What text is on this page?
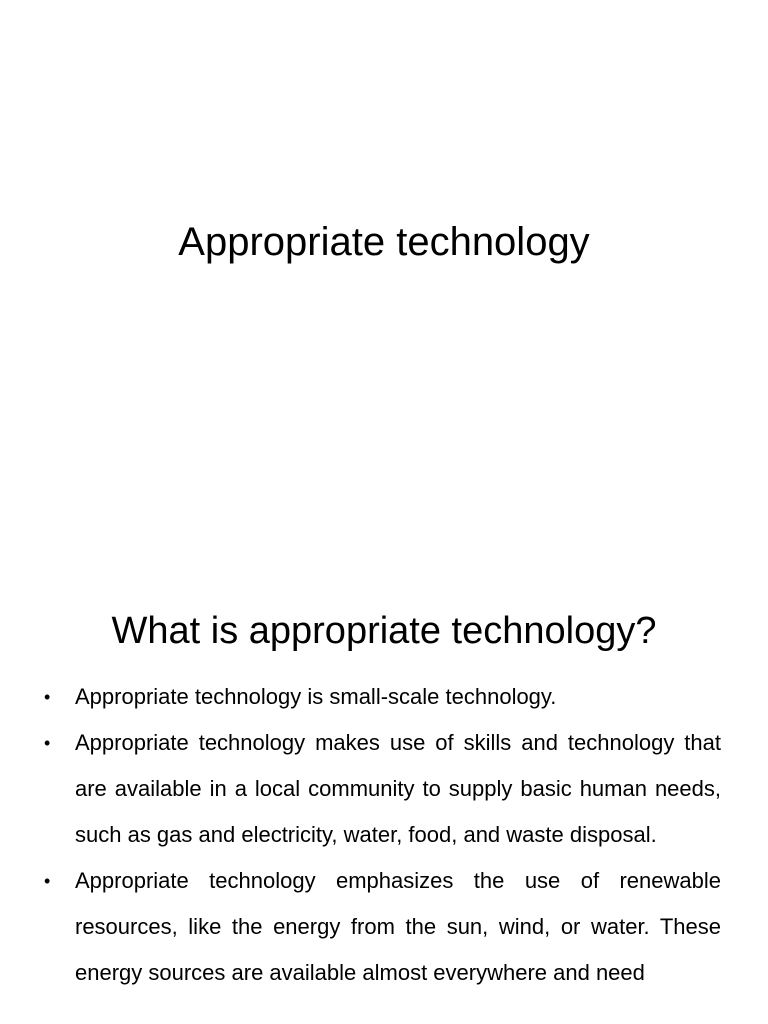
Appropriate technology
What is appropriate technology?
• Appropriate technology is small-scale technology.
• Appropriate technology makes use of skills and technology that are available in a local community to supply basic human needs, such as gas and electricity, water, food, and waste disposal.
• Appropriate technology emphasizes the use of renewable resources, like the energy from the sun, wind, or water. These energy sources are available almost everywhere and need
